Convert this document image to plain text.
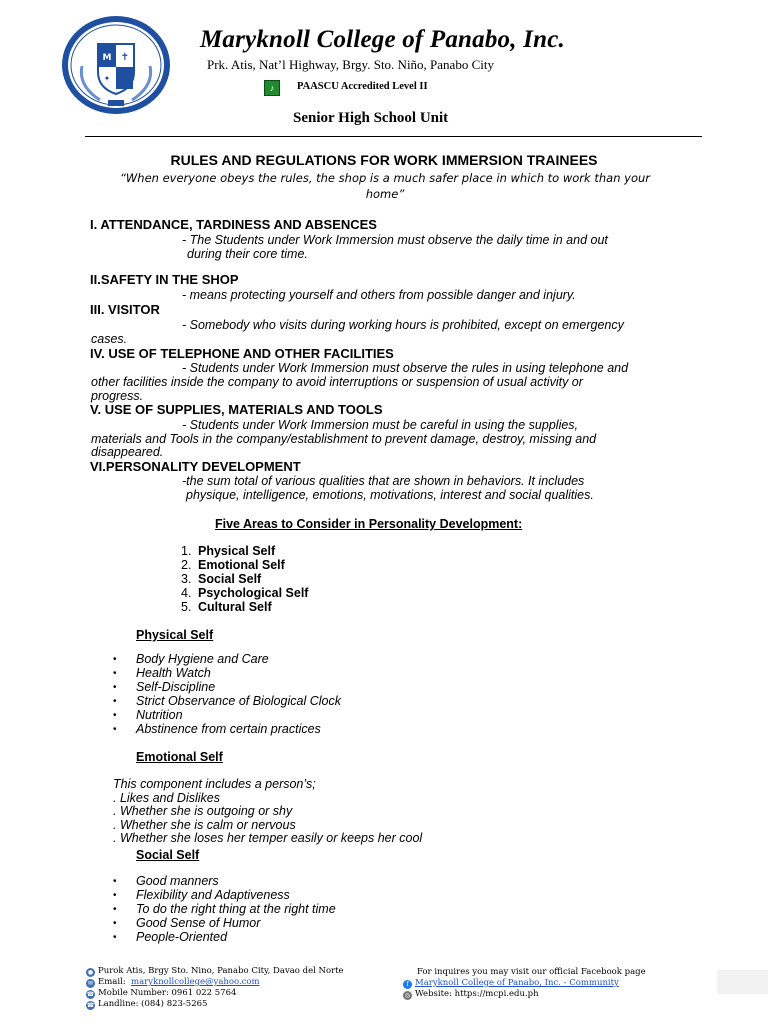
M ✝
✦
Maryknoll College of Panabo, Inc.
Prk. Atis, Nat’l Highway, Brgy. Sto. Niño, Panabo City
♪	PAASCU Accredited Level II
Senior High School Unit
RULES AND REGULATIONS FOR WORK IMMERSION TRAINEES
“When everyone obeys the rules, the shop is a much safer place in which to work than your
home”
I. ATTENDANCE, TARDINESS AND ABSENCES
- The Students under Work Immersion must observe the daily time in and out
during their core time.
II.SAFETY IN THE SHOP
- means protecting yourself and others from possible danger and injury.
III. VISITOR
- Somebody who visits during working hours is prohibited, except on emergency
cases.
IV. USE OF TELEPHONE AND OTHER FACILITIES
- Students under Work Immersion must observe the rules in using telephone and
other facilities inside the company to avoid interruptions or suspension of usual activity or
progress.
V. USE OF SUPPLIES, MATERIALS AND TOOLS
- Students under Work Immersion must be careful in using the supplies,
materials and Tools in the company/establishment to prevent damage, destroy, missing and
disappeared.
VI.PERSONALITY DEVELOPMENT
-the sum total of various qualities that are shown in behaviors. It includes
physique, intelligence, emotions, motivations, interest and social qualities.
Five Areas to Consider in Personality Development:
1. Physical Self
2. Emotional Self
3. Social Self
4. Psychological Self
5. Cultural Self
Physical Self
• Body Hygiene and Care
• Health Watch
• Self-Discipline
• Strict Observance of Biological Clock
• Nutrition
• Abstinence from certain practices
Emotional Self
This component includes a person’s;
. Likes and Dislikes
. Whether she is outgoing or shy
. Whether she is calm or nervous
. Whether she loses her temper easily or keeps her cool
Social Self
• Good manners
• Flexibility and Adaptiveness
• To do the right thing at the right time
• Good Sense of Humor
• People-Oriented
● Purok Atis, Brgy Sto. Nino, Panabo City, Davao del Norte
✉ Email: maryknollcollege@yahoo.com
☎ Mobile Number: 0961 022 5764
☎ Landline: (084) 823-5265
For inquires you may visit our official Facebook page
f Maryknoll College of Panabo, Inc. - Community
◎ Website: https://mcpi.edu.ph
